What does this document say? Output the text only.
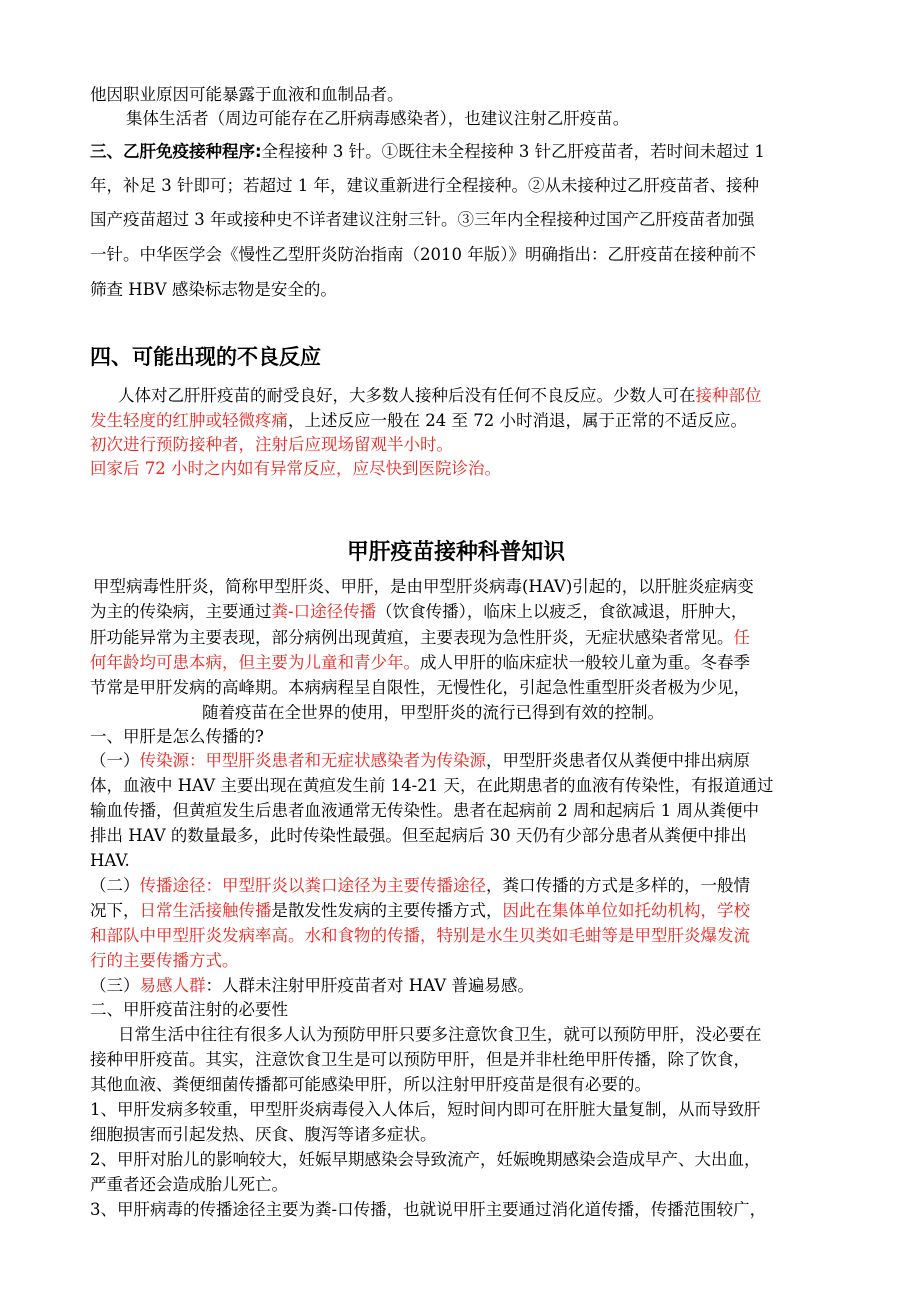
他因职业原因可能暴露于血液和血制品者。
集体生活者（周边可能存在乙肝病毒感染者），也建议注射乙肝疫苗。
三、乙肝免疫接种程序:全程接种 3 针。①既往未全程接种 3 针乙肝疫苗者，若时间未超过 1
年，补足 3 针即可；若超过 1 年，建议重新进行全程接种。②从未接种过乙肝疫苗者、接种
国产疫苗超过 3 年或接种史不详者建议注射三针。③三年内全程接种过国产乙肝疫苗者加强
一针。中华医学会《慢性乙型肝炎防治指南（2010 年版）》明确指出：乙肝疫苗在接种前不
筛查 HBV 感染标志物是安全的。
四、可能出现的不良反应
人体对乙肝肝疫苗的耐受良好，大多数人接种后没有任何不良反应。少数人可在接种部位
发生轻度的红肿或轻微疼痛，上述反应一般在 24 至 72 小时消退，属于正常的不适反应。
初次进行预防接种者，注射后应现场留观半小时。
回家后 72 小时之内如有异常反应，应尽快到医院诊治。
甲肝疫苗接种科普知识
甲型病毒性肝炎，简称甲型肝炎、甲肝，是由甲型肝炎病毒(HAV)引起的，以肝脏炎症病变
为主的传染病，主要通过粪-口途径传播（饮食传播），临床上以疲乏，食欲减退，肝肿大，
肝功能异常为主要表现，部分病例出现黄疸，主要表现为急性肝炎，无症状感染者常见。任
何年龄均可患本病，但主要为儿童和青少年。成人甲肝的临床症状一般较儿童为重。冬春季
节常是甲肝发病的高峰期。本病病程呈自限性，无慢性化，引起急性重型肝炎者极为少见，
随着疫苗在全世界的使用，甲型肝炎的流行已得到有效的控制。
一、甲肝是怎么传播的?
（一）传染源：甲型肝炎患者和无症状感染者为传染源，甲型肝炎患者仅从粪便中排出病原
体，血液中 HAV 主要出现在黄疸发生前 14-21 天，在此期患者的血液有传染性，有报道通过
输血传播，但黄疸发生后患者血液通常无传染性。患者在起病前 2 周和起病后 1 周从粪便中
排出 HAV 的数量最多，此时传染性最强。但至起病后 30 天仍有少部分患者从粪便中排出
HAV.
（二）传播途径：甲型肝炎以粪口途径为主要传播途径，粪口传播的方式是多样的，一般情
况下，日常生活接触传播是散发性发病的主要传播方式，因此在集体单位如托幼机构，学校
和部队中甲型肝炎发病率高。水和食物的传播，特别是水生贝类如毛蚶等是甲型肝炎爆发流
行的主要传播方式。
（三）易感人群：人群未注射甲肝疫苗者对 HAV 普遍易感。
二、甲肝疫苗注射的必要性
日常生活中往往有很多人认为预防甲肝只要多注意饮食卫生，就可以预防甲肝，没必要在
接种甲肝疫苗。其实，注意饮食卫生是可以预防甲肝，但是并非杜绝甲肝传播，除了饮食，
其他血液、粪便细菌传播都可能感染甲肝，所以注射甲肝疫苗是很有必要的。
1、甲肝发病多较重，甲型肝炎病毒侵入人体后，短时间内即可在肝脏大量复制，从而导致肝
细胞损害而引起发热、厌食、腹泻等诸多症状。
2、甲肝对胎儿的影响较大，妊娠早期感染会导致流产，妊娠晚期感染会造成早产、大出血，
严重者还会造成胎儿死亡。
3、甲肝病毒的传播途径主要为粪-口传播，也就说甲肝主要通过消化道传播，传播范围较广，
